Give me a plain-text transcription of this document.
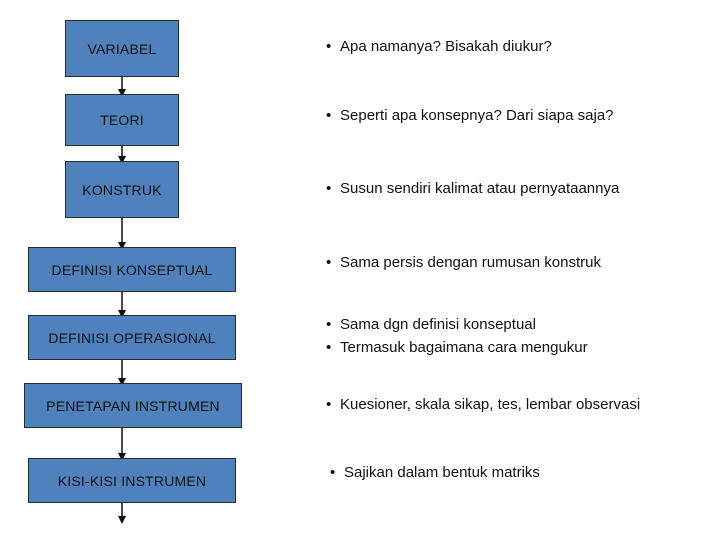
VARIABEL
TEORI
KONSTRUK
DEFINISI KONSEPTUAL
DEFINISI OPERASIONAL
PENETAPAN INSTRUMEN
KISI-KISI INSTRUMEN
• Apa namanya? Bisakah diukur?
• Seperti apa konsepnya? Dari siapa saja?
• Susun sendiri kalimat atau pernyataannya
• Sama persis dengan rumusan konstruk
• Sama dgn definisi konseptual
• Termasuk bagaimana cara mengukur
• Kuesioner, skala sikap, tes, lembar observasi
• Sajikan dalam bentuk matriks
